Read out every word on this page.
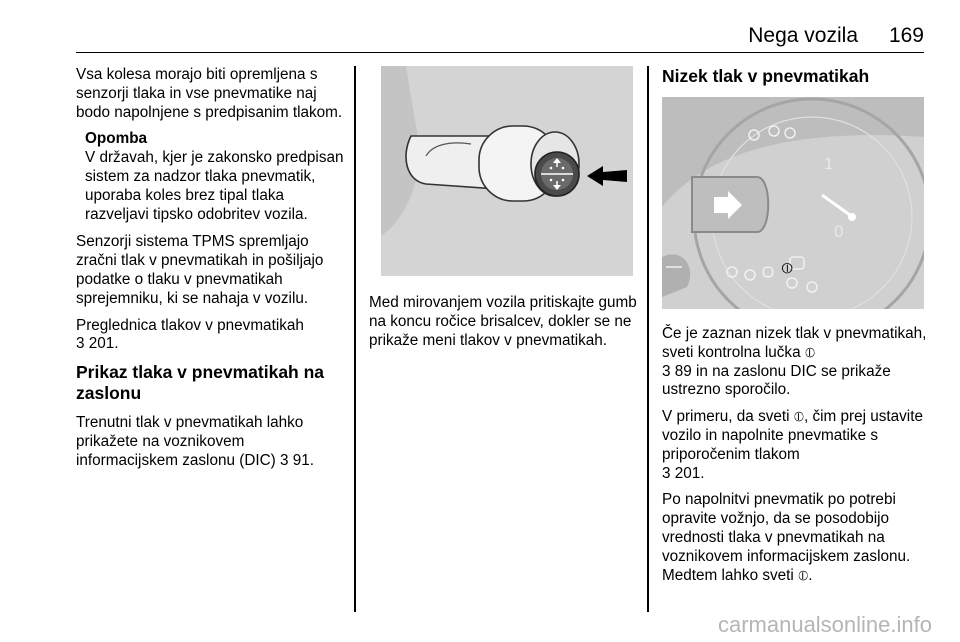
Nega vozila 169

Vsa kolesa morajo biti opremljena s senzorji tlaka in vse pnevmatike naj bodo napolnjene s predpisanim tlakom.

Opomba
V državah, kjer je zakonsko predpisan sistem za nadzor tlaka pnevmatik, uporaba koles brez tipal tlaka razveljavi tipsko odobritev vozila.

Senzorji sistema TPMS spremljajo zračni tlak v pnevmatikah in pošiljajo podatke o tlaku v pnevmatikah sprejemniku, ki se nahaja v vozilu.

Preglednica tlakov v pnevmatikah
3 201.

Prikaz tlaka v pnevmatikah na zaslonu

Trenutni tlak v pnevmatikah lahko prikažete na voznikovem informacijskem zaslonu (DIC) 3 91.

Med mirovanjem vozila pritiskajte gumb na koncu ročice brisalcev, dokler se ne prikaže meni tlakov v pnevmatikah.

Nizek tlak v pnevmatikah
1
0
⦶

Če je zaznan nizek tlak v pnevmatikah, sveti kontrolna lučka ⦶
3 89 in na zaslonu DIC se prikaže ustrezno sporočilo.

V primeru, da sveti ⦶, čim prej ustavite vozilo in napolnite pnevmatike s priporočenim tlakom
3 201.

Po napolnitvi pnevmatik po potrebi opravite vožnjo, da se posodobijo vrednosti tlaka v pnevmatikah na voznikovem informacijskem zaslonu. Medtem lahko sveti ⦶.

carmanualsonline.info
